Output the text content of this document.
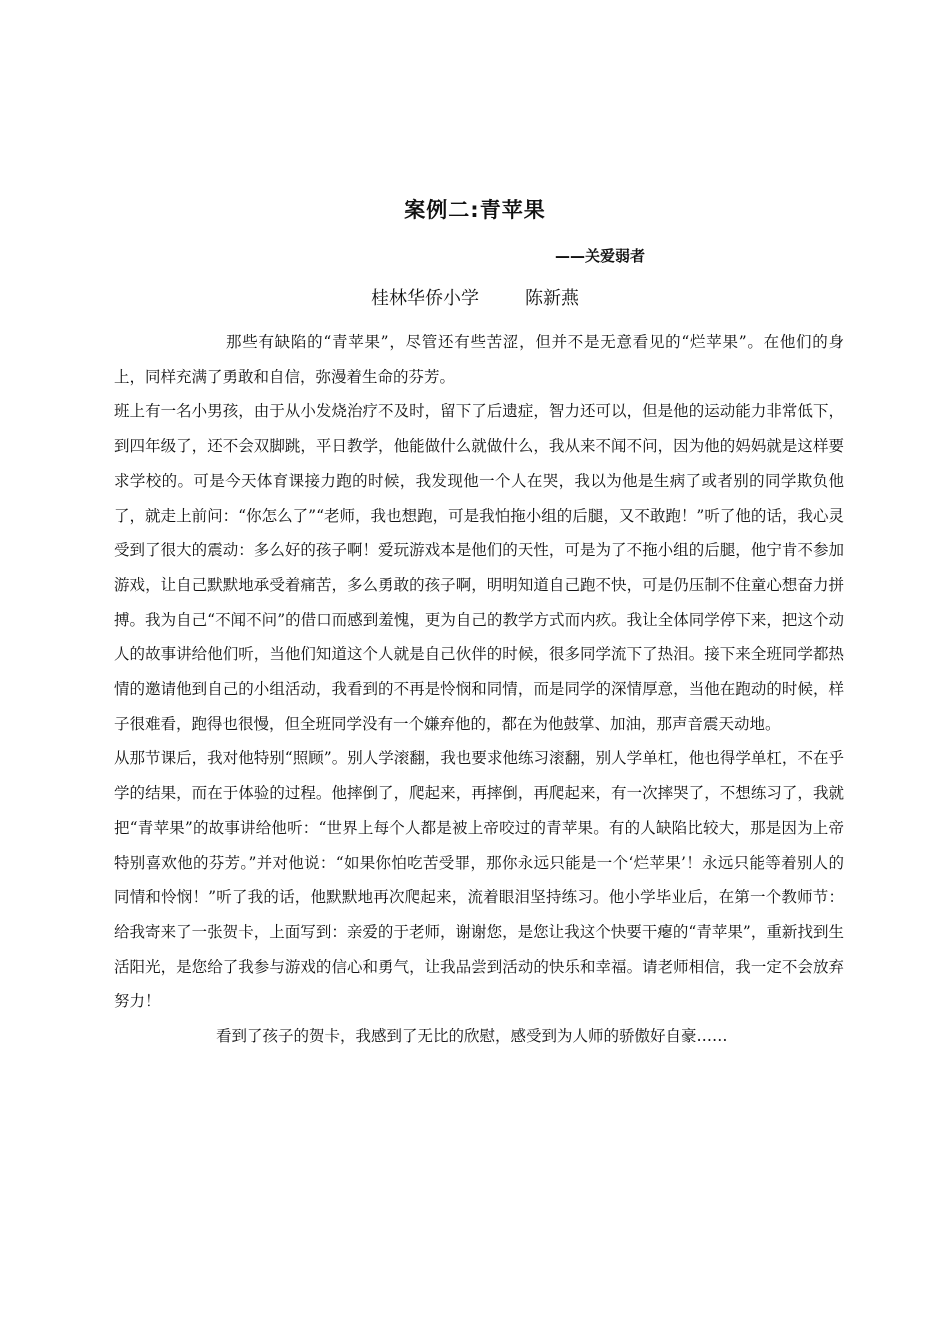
案例二:青苹果
——关爱弱者
桂林华侨小学	陈新燕

那些有缺陷的“青苹果”，尽管还有些苦涩，但并不是无意看见的“烂苹果”。在他们的身上，同样充满了勇敢和自信，弥漫着生命的芬芳。

班上有一名小男孩，由于从小发烧治疗不及时，留下了后遗症，智力还可以，但是他的运动能力非常低下，到四年级了，还不会双脚跳，平日教学，他能做什么就做什么，我从来不闻不问，因为他的妈妈就是这样要求学校的。可是今天体育课接力跑的时候，我发现他一个人在哭，我以为他是生病了或者别的同学欺负他了，就走上前问：“你怎么了”“老师，我也想跑，可是我怕拖小组的后腿，又不敢跑！”听了他的话，我心灵受到了很大的震动：多么好的孩子啊！爱玩游戏本是他们的天性，可是为了不拖小组的后腿，他宁肯不参加游戏，让自己默默地承受着痛苦，多么勇敢的孩子啊，明明知道自己跑不快，可是仍压制不住童心想奋力拼搏。我为自己“不闻不问”的借口而感到羞愧，更为自己的教学方式而内疚。我让全体同学停下来，把这个动人的故事讲给他们听，当他们知道这个人就是自己伙伴的时候，很多同学流下了热泪。接下来全班同学都热情的邀请他到自己的小组活动，我看到的不再是怜悯和同情，而是同学的深情厚意，当他在跑动的时候，样子很难看，跑得也很慢，但全班同学没有一个嫌弃他的，都在为他鼓掌、加油，那声音震天动地。

从那节课后，我对他特别“照顾”。别人学滚翻，我也要求他练习滚翻，别人学单杠，他也得学单杠，不在乎学的结果，而在于体验的过程。他摔倒了，爬起来，再摔倒，再爬起来，有一次摔哭了，不想练习了，我就把“青苹果”的故事讲给他听：“世界上每个人都是被上帝咬过的青苹果。有的人缺陷比较大，那是因为上帝特别喜欢他的芬芳。”并对他说：“如果你怕吃苦受罪，那你永远只能是一个‘烂苹果’！永远只能等着别人的同情和怜悯！”听了我的话，他默默地再次爬起来，流着眼泪坚持练习。他小学毕业后，在第一个教师节：给我寄来了一张贺卡，上面写到：亲爱的于老师，谢谢您，是您让我这个快要干瘪的“青苹果”，重新找到生活阳光，是您给了我参与游戏的信心和勇气，让我品尝到活动的快乐和幸福。请老师相信，我一定不会放弃努力！

看到了孩子的贺卡，我感到了无比的欣慰，感受到为人师的骄傲好自豪……
